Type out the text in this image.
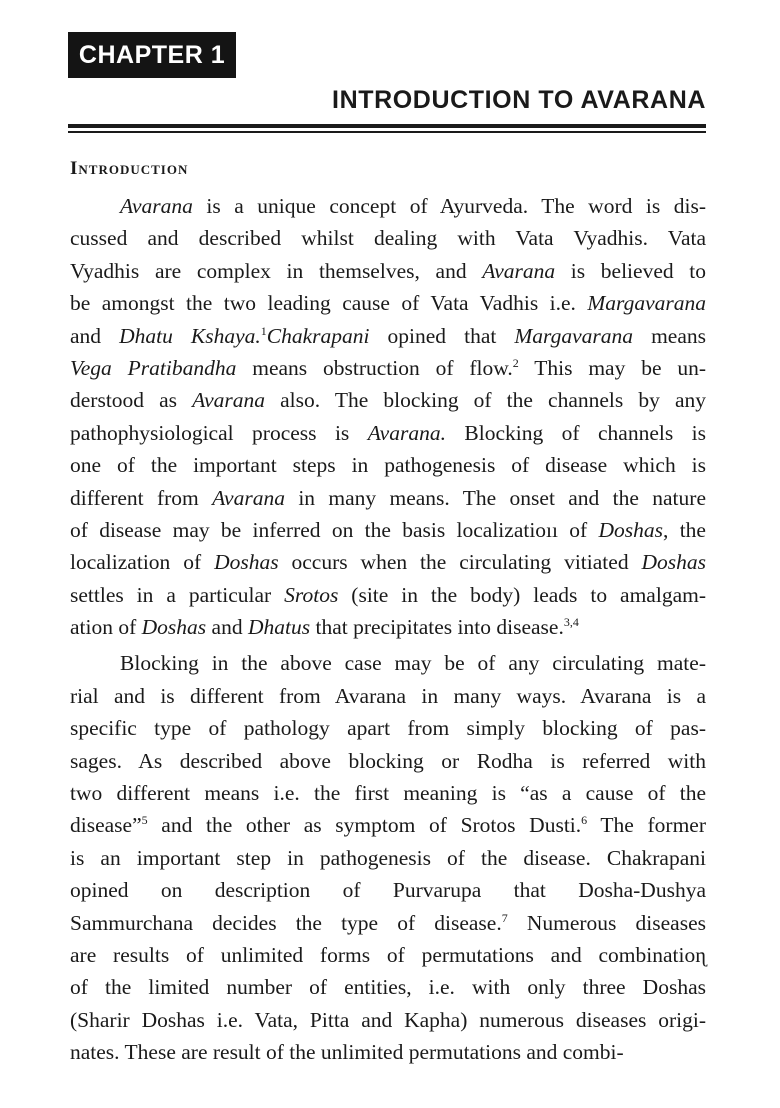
CHAPTER 1
INTRODUCTION TO AVARANA
Introduction
Avarana is a unique concept of Ayurveda. The word is dis-
cussed and described whilst dealing with Vata Vyadhis. Vata
Vyadhis are complex in themselves, and Avarana is believed to
be amongst the two leading cause of Vata Vadhis i.e. Margavarana
and Dhatu Kshaya.$^1$Chakrapani opined that Margavarana means
Vega Pratibandha means obstruction of flow.$^2$ This may be un-
derstood as Avarana also. The blocking of the channels by any
pathophysiological process is Avarana. Blocking of channels is
one of the important steps in pathogenesis of disease which is
different from Avarana in many means. The onset and the nature
of disease may be inferred on the basis localizatioıı of Doshas, the
localization of Doshas occurs when the circulating vitiated Doshas
settles in a particular Srotos (site in the body) leads to amalgam-
ation of Doshas and Dhatus that precipitates into disease.$^{3,4}$
Blocking in the above case may be of any circulating mate-
rial and is different from Avarana in many ways. Avarana is a
specific type of pathology apart from simply blocking of pas-
sages. As deѕcribed above blocking or Rodha is referred with
two different means i.e. the first meaning is “as a cause of the
disease”$^5$ and the other as symptom of Srotos Dusti.$^6$ The former
is an important step in pathogenesis of the disease. Chakrapani
opined on description of Purvarupa that Dosha-Dushya
Sammurchana decides the type of disease.$^7$ Numerous diseases
are results of unlimited forms of permutations and combinatioɳ
of the limited number of entities, i.e. with only three Doshas
(Sharir Doshas i.e. Vata, Pitta and Kapha) numerous diseases origi-
nates. These are result of the unlimited permutations and combi-
